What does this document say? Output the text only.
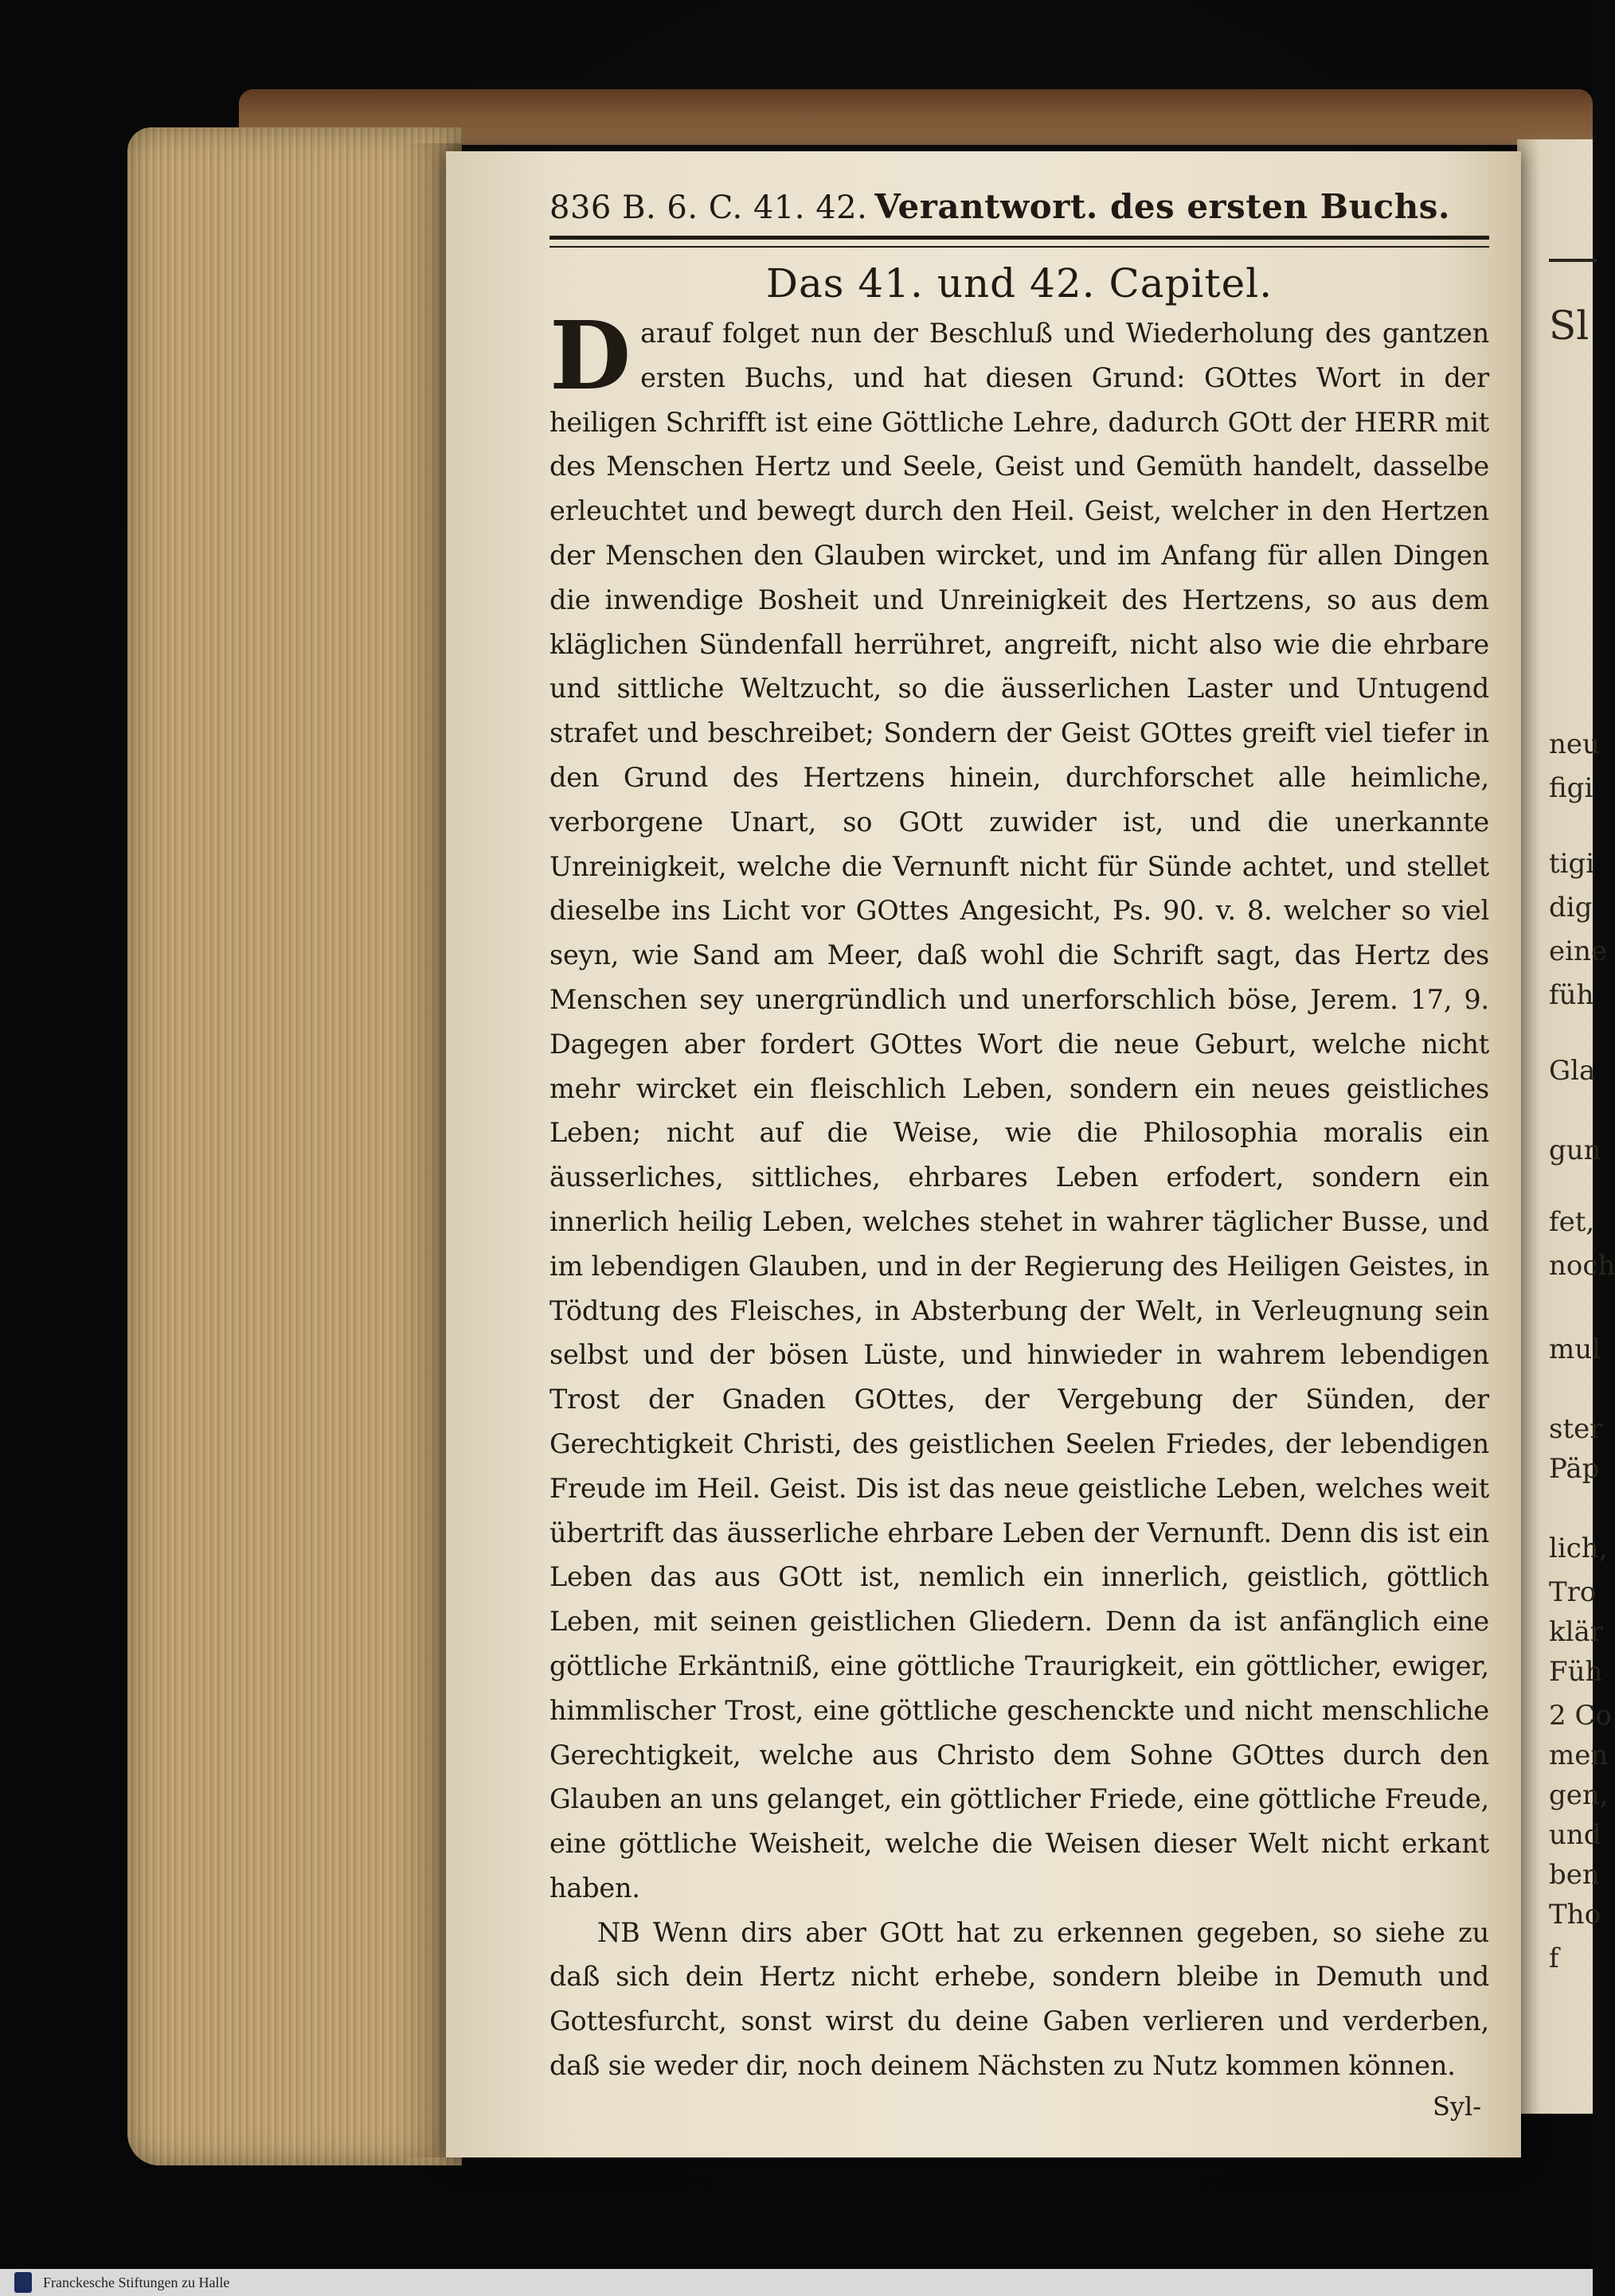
Sl
neu
figi
tigi
dig
eine
füh
Gla
gun
fet,
noch
mul
ster
Päp
lich,
Tro
klär
Füh
2 Co
men
gen,
und
ben
Tho
f
836 B. 6. C. 41. 42. Verantwort. des ersten Buchs.
Das 41. und 42. Capitel.

D arauf folget nun der Beschluß und Wiederholung des gantzen ersten Buchs, und hat diesen Grund: GOttes Wort in der heiligen Schrifft ist eine Göttliche Lehre, dadurch GOtt der HERR mit des Menschen Hertz und Seele, Geist und Gemüth handelt, dasselbe erleuchtet und bewegt durch den Heil. Geist, welcher in den Hertzen der Menschen den Glauben wircket, und im Anfang für allen Dingen die inwendige Bosheit und Unreinigkeit des Hertzens, so aus dem kläglichen Sündenfall herrühret, angreift, nicht also wie die ehrbare und sittliche Weltzucht, so die äusserlichen Laster und Untugend strafet und beschreibet; Sondern der Geist GOttes greift viel tiefer in den Grund des Hertzens hinein, durchforschet alle heimliche, verborgene Unart, so GOtt zuwider ist, und die unerkannte Unreinigkeit, welche die Vernunft nicht für Sünde achtet, und stellet dieselbe ins Licht vor GOttes Angesicht, Ps. 90. v. 8. welcher so viel seyn, wie Sand am Meer, daß wohl die Schrift sagt, das Hertz des Menschen sey unergründlich und unerforschlich böse, Jerem. 17, 9. Dagegen aber fordert GOttes Wort die neue Geburt, welche nicht mehr wircket ein fleischlich Leben, sondern ein neues geistliches Leben; nicht auf die Weise, wie die Philosophia moralis ein äusserliches, sittliches, ehrbares Leben erfodert, sondern ein innerlich heilig Leben, welches stehet in wahrer täglicher Busse, und im lebendigen Glauben, und in der Regierung des Heiligen Geistes, in Tödtung des Fleisches, in Absterbung der Welt, in Verleugnung sein selbst und der bösen Lüste, und hinwieder in wahrem lebendigen Trost der Gnaden GOttes, der Vergebung der Sünden, der Gerechtigkeit Christi, des geistlichen Seelen Friedes, der lebendigen Freude im Heil. Geist. Dis ist das neue geistliche Leben, welches weit übertrift das äusserliche ehrbare Leben der Vernunft. Denn dis ist ein Leben das aus GOtt ist, nemlich ein innerlich, geistlich, göttlich Leben, mit seinen geistlichen Gliedern. Denn da ist anfänglich eine göttliche Erkäntniß, eine göttliche Traurigkeit, ein göttlicher, ewiger, himmlischer Trost, eine göttliche geschenckte und nicht menschliche Gerechtigkeit, welche aus Christo dem Sohne GOttes durch den Glauben an uns gelanget, ein göttlicher Friede, eine göttliche Freude, eine göttliche Weisheit, welche die Weisen dieser Welt nicht erkant haben.

NB Wenn dirs aber GOtt hat zu erkennen gegeben, so siehe zu daß sich dein Hertz nicht erhebe, sondern bleibe in Demuth und Gottesfurcht, sonst wirst du deine Gaben verlieren und verderben, daß sie weder dir, noch deinem Nächsten zu Nutz kommen können.

Syl-
Franckesche Stiftungen zu Halle
